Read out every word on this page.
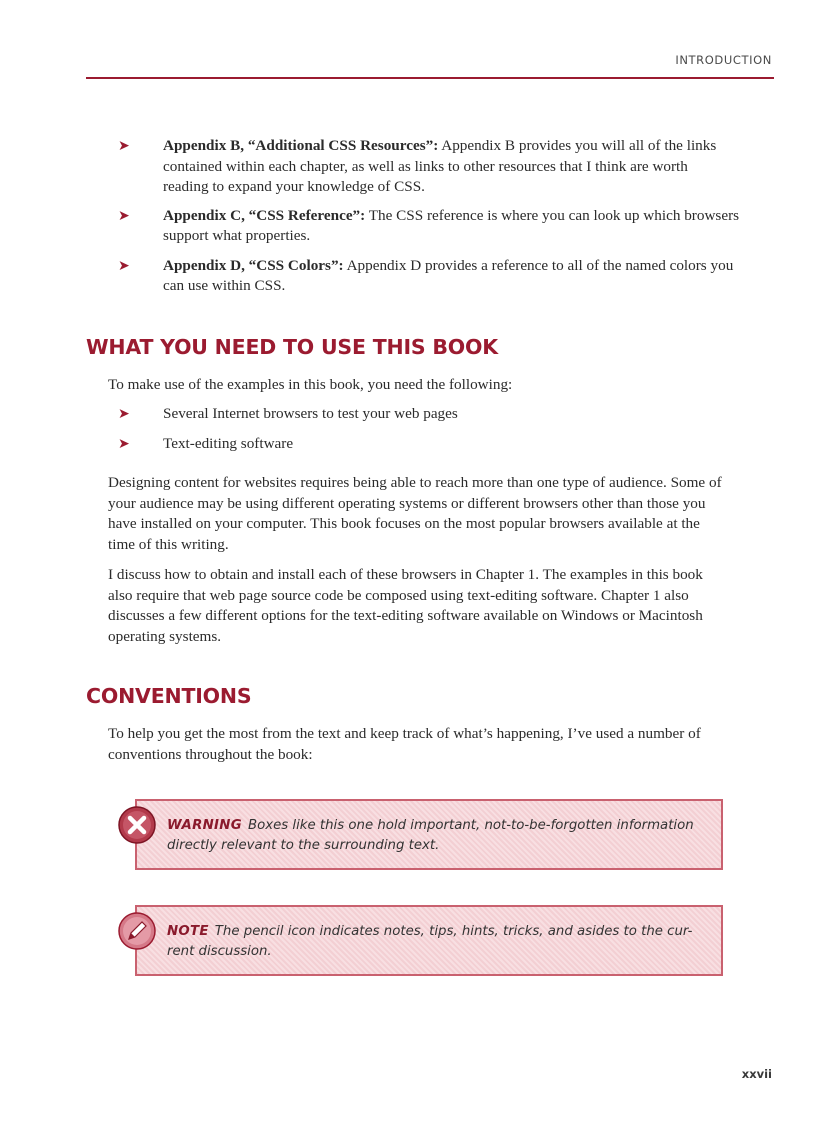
INTRODUCTION
➤ Appendix B, “Additional CSS Resources”: Appendix B provides you will all of the links
contained within each chapter, as well as links to other resources that I think are worth
reading to expand your knowledge of CSS.
➤ Appendix C, “CSS Reference”: The CSS reference is where you can look up which browsers
support what properties.
➤ Appendix D, “CSS Colors”: Appendix D provides a reference to all of the named colors you
can use within CSS.
WHAT YOU NEED TO USE THIS BOOK
To make use of the examples in this book, you need the following:
➤ Several Internet browsers to test your web pages
➤ Text-editing software
Designing content for websites requires being able to reach more than one type of audience. Some of
your audience may be using different operating systems or different browsers other than those you
have installed on your computer. This book focuses on the most popular browsers available at the
time of this writing.
I discuss how to obtain and install each of these browsers in Chapter 1. The examples in this book
also require that web page source code be composed using text-editing software. Chapter 1 also
discusses a few different options for the text-editing software available on Windows or Macintosh
operating systems.
CONVENTIONS
To help you get the most from the text and keep track of what’s happening, I’ve used a number of
conventions throughout the book:
WARNING Boxes like this one hold important, not-to-be-forgotten information
directly relevant to the surrounding text.
NOTE The pencil icon indicates notes, tips, hints, tricks, and asides to the cur-
rent discussion.
xxvii
